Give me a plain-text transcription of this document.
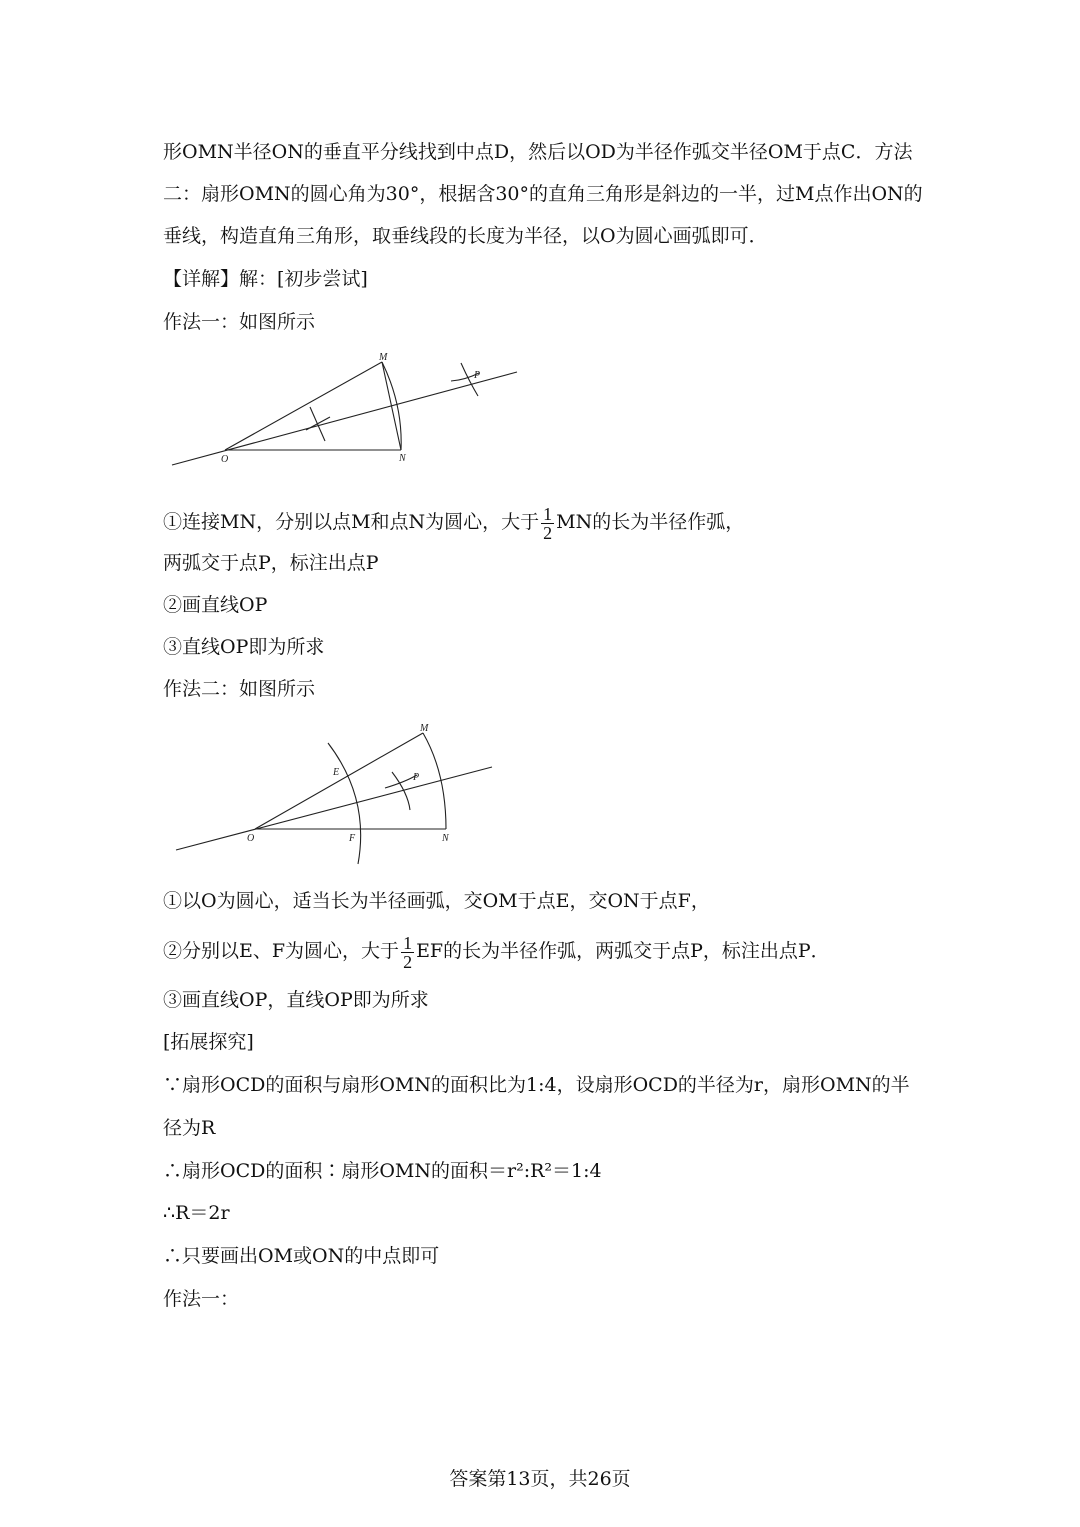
形OMN半径ON的垂直平分线找到中点D，然后以OD为半径作弧交半径OM于点C．方法
二：扇形OMN的圆心角为30°，根据含30°的直角三角形是斜边的一半，过M点作出ON的
垂线，构造直角三角形，取垂线段的长度为半径，以O为圆心画弧即可．
【详解】解：[初步尝试]
作法一：如图所示
O
M
N
P
①连接MN，分别以点M和点N为圆心，大于 $\frac{1}{2}$ MN的长为半径作弧，
两弧交于点P，标注出点P
②画直线OP
③直线OP即为所求
作法二：如图所示
O
M
N
P
E
F
①以O为圆心，适当长为半径画弧，交OM于点E，交ON于点F，
②分别以E、F为圆心，大于 $\frac{1}{2}$ EF的长为半径作弧，两弧交于点P，标注出点P．
③画直线OP，直线OP即为所求
[拓展探究]
∵扇形OCD的面积与扇形OMN的面积比为1:4，设扇形OCD的半径为r，扇形OMN的半
径为R
∴扇形OCD的面积∶扇形OMN的面积＝r²:R²＝1:4
∴R＝2r
∴只要画出OM或ON的中点即可
作法一：
答案第13页，共26页
